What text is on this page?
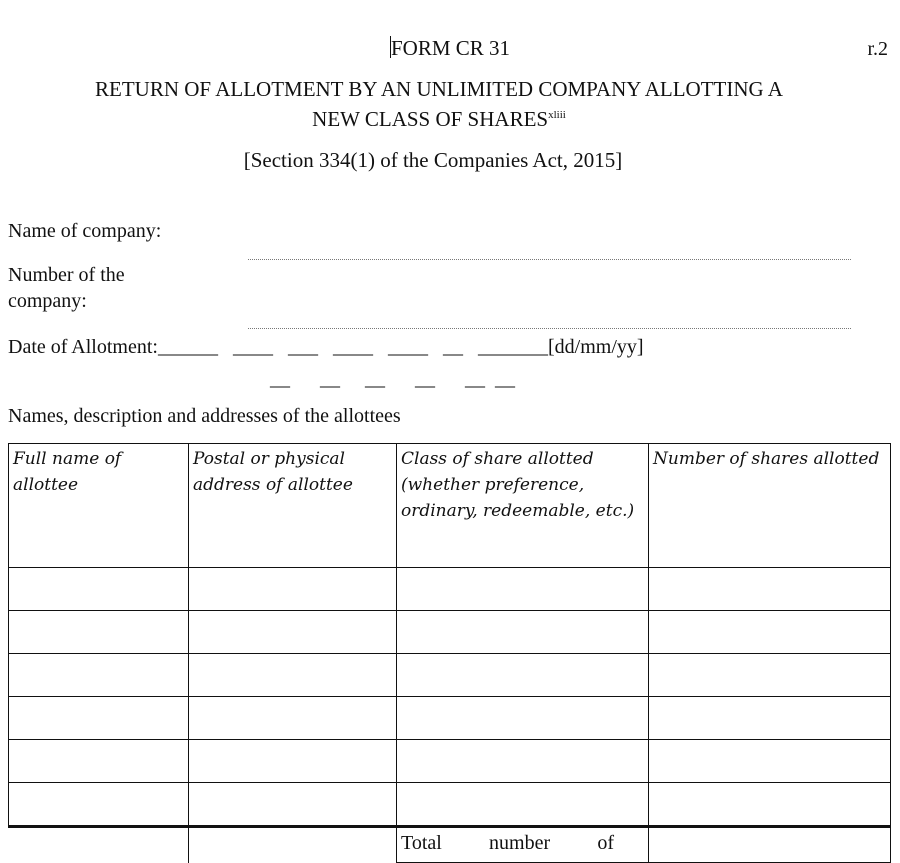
FORM CR 31	r.2
RETURN OF ALLOTMENT BY AN UNLIMITED COMPANY ALLOTTING A
NEW CLASS OF $SHARES^{xliii}$
[Section 334(1) of the Companies Act, 2015]
Name of company:
Number of the
company:
Date of Allotment:______   ____   ___   ____   ____   __   _______[dd/mm/yy]
__      __     __      __      __  __
Names, description and addresses of the allottees
Full name of allottee	Postal or physical address of allottee	Class of share allotted (whether preference, ordinary, redeemable, etc.)	Number of shares allotted

		Total number of	
